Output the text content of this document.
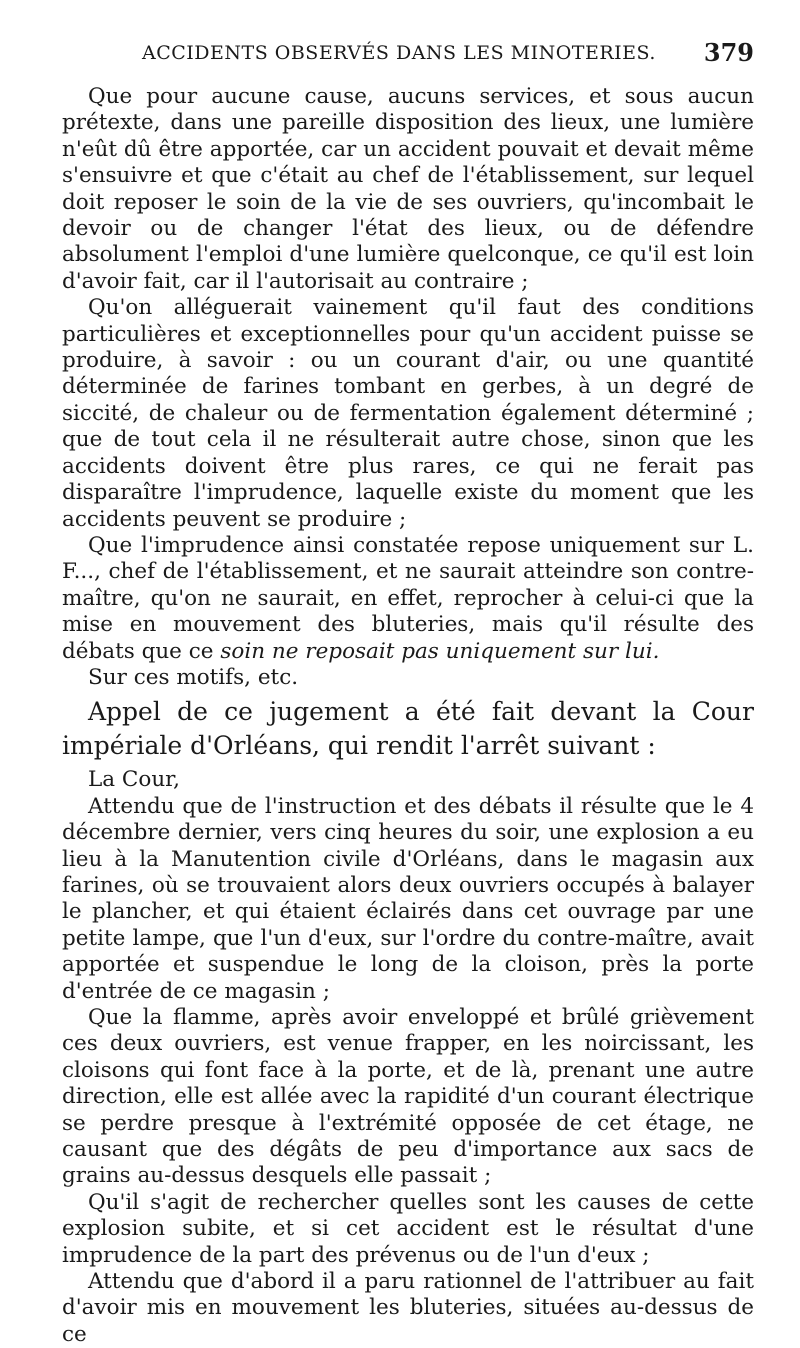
ACCIDENTS OBSERVÉS DANS LES MINOTERIES. 379

Que pour aucune cause, aucuns services, et sous aucun prétexte, dans une pareille disposition des lieux, une lumière n'eût dû être apportée, car un accident pouvait et devait même s'ensuivre et que c'était au chef de l'établissement, sur lequel doit reposer le soin de la vie de ses ouvriers, qu'incombait le devoir ou de changer l'état des lieux, ou de défendre absolument l'emploi d'une lumière quelconque, ce qu'il est loin d'avoir fait, car il l'autorisait au contraire ;

Qu'on alléguerait vainement qu'il faut des conditions particulières et exceptionnelles pour qu'un accident puisse se produire, à savoir : ou un courant d'air, ou une quantité déterminée de farines tombant en gerbes, à un degré de siccité, de chaleur ou de fermentation également déterminé ; que de tout cela il ne résulterait autre chose, sinon que les accidents doivent être plus rares, ce qui ne ferait pas disparaître l'imprudence, laquelle existe du moment que les accidents peuvent se produire ;

Que l'imprudence ainsi constatée repose uniquement sur L. F..., chef de l'établissement, et ne saurait atteindre son contre-maître, qu'on ne saurait, en effet, reprocher à celui-ci que la mise en mouvement des bluteries, mais qu'il résulte des débats que ce soin ne reposait pas uniquement sur lui.

Sur ces motifs, etc.

Appel de ce jugement a été fait devant la Cour impériale d'Orléans, qui rendit l'arrêt suivant :

La Cour,

Attendu que de l'instruction et des débats il résulte que le 4 décembre dernier, vers cinq heures du soir, une explosion a eu lieu à la Manutention civile d'Orléans, dans le magasin aux farines, où se trouvaient alors deux ouvriers occupés à balayer le plancher, et qui étaient éclairés dans cet ouvrage par une petite lampe, que l'un d'eux, sur l'ordre du contre-maître, avait apportée et suspendue le long de la cloison, près la porte d'entrée de ce magasin ;

Que la flamme, après avoir enveloppé et brûlé grièvement ces deux ouvriers, est venue frapper, en les noircissant, les cloisons qui font face à la porte, et de là, prenant une autre direction, elle est allée avec la rapidité d'un courant électrique se perdre presque à l'extrémité opposée de cet étage, ne causant que des dégâts de peu d'importance aux sacs de grains au-dessus desquels elle passait ;

Qu'il s'agit de rechercher quelles sont les causes de cette explosion subite, et si cet accident est le résultat d'une imprudence de la part des prévenus ou de l'un d'eux ;

Attendu que d'abord il a paru rationnel de l'attribuer au fait d'avoir mis en mouvement les bluteries, situées au-dessus de ce
